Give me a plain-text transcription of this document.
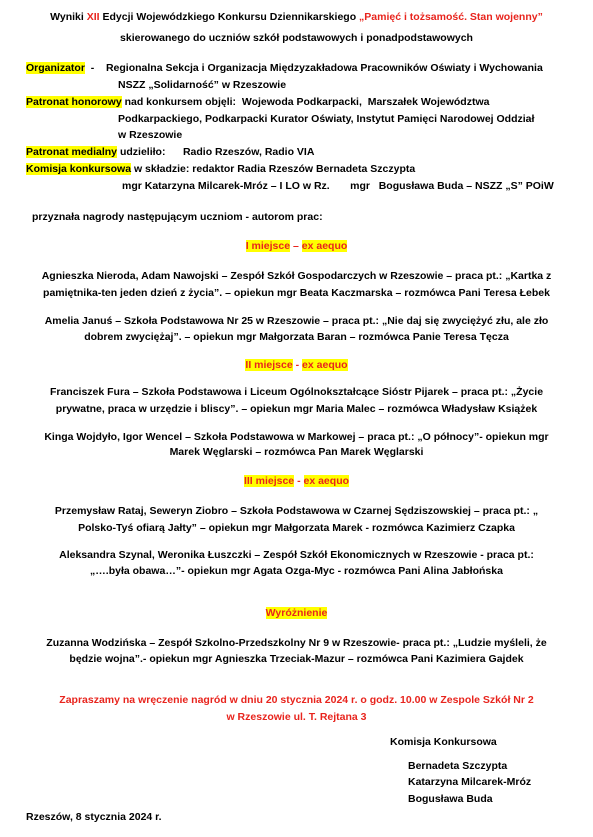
Wyniki XII Edycji Wojewódzkiego Konkursu Dziennikarskiego „Pamięć i tożsamość. Stan wojenny”
skierowanego do uczniów szkół podstawowych i ponadpodstawowych
Organizator  -    Regionalna Sekcja i Organizacja Międzyzakładowa Pracowników Oświaty i Wychowania
NSZZ „Solidarność” w Rzeszowie
Patronat honorowy nad konkursem objęli:  Wojewoda Podkarpacki,  Marszałek Województwa
Podkarpackiego, Podkarpacki Kurator Oświaty, Instytut Pamięci Narodowej Oddział
w Rzeszowie
Patronat medialny udzieliło:      Radio Rzeszów, Radio VIA
Komisja konkursowa w składzie: redaktor Radia Rzeszów Bernadeta Szczypta
mgr Katarzyna Milcarek-Mróz – I LO w Rz.       mgr   Bogusława Buda – NSZZ „S” POiW
przyznała nagrody następującym uczniom - autorom prac:
I miejsce – ex aequo
Agnieszka Nieroda, Adam Nawojski – Zespół Szkół Gospodarczych w Rzeszowie – praca pt.: „Kartka z
pamiętnika-ten jeden dzień z życia”. – opiekun mgr Beata Kaczmarska – rozmówca Pani Teresa Łebek
Amelia Januś – Szkoła Podstawowa Nr 25 w Rzeszowie – praca pt.: „Nie daj się zwyciężyć złu, ale zło
dobrem zwyciężaj”. – opiekun mgr Małgorzata Baran – rozmówca Panie Teresa Tęcza
II miejsce - ex aequo
Franciszek Fura – Szkoła Podstawowa i Liceum Ogólnokształcące Sióstr Pijarek – praca pt.: „Życie
prywatne, praca w urzędzie i bliscy”. – opiekun mgr Maria Malec – rozmówca Władysław Książek
Kinga Wojdyło, Igor Wencel – Szkoła Podstawowa w Markowej – praca pt.: „O północy”- opiekun mgr
Marek Węglarski – rozmówca Pan Marek Węglarski
III miejsce - ex aequo
Przemysław Rataj, Seweryn Ziobro – Szkoła Podstawowa w Czarnej Sędziszowskiej – praca pt.: „
Polsko-Tyś ofiarą Jałty” – opiekun mgr Małgorzata Marek - rozmówca Kazimierz Czapka
Aleksandra Szynal, Weronika Łuszczki – Zespół Szkół Ekonomicznych w Rzeszowie - praca pt.:
„….była obawa…”- opiekun mgr Agata Ozga-Myc - rozmówca Pani Alina Jabłońska
Wyróżnienie
Zuzanna Wodzińska – Zespół Szkolno-Przedszkolny Nr 9 w Rzeszowie- praca pt.: „Ludzie myśleli, że
będzie wojna”.- opiekun mgr Agnieszka Trzeciak-Mazur – rozmówca Pani Kazimiera Gajdek
Zapraszamy na wręczenie nagród w dniu 20 stycznia 2024 r. o godz. 10.00 w Zespole Szkół Nr 2
w Rzeszowie ul. T. Rejtana 3
Komisja Konkursowa
Bernadeta Szczypta
Katarzyna Milcarek-Mróz
Bogusława Buda
Rzeszów, 8 stycznia 2024 r.
